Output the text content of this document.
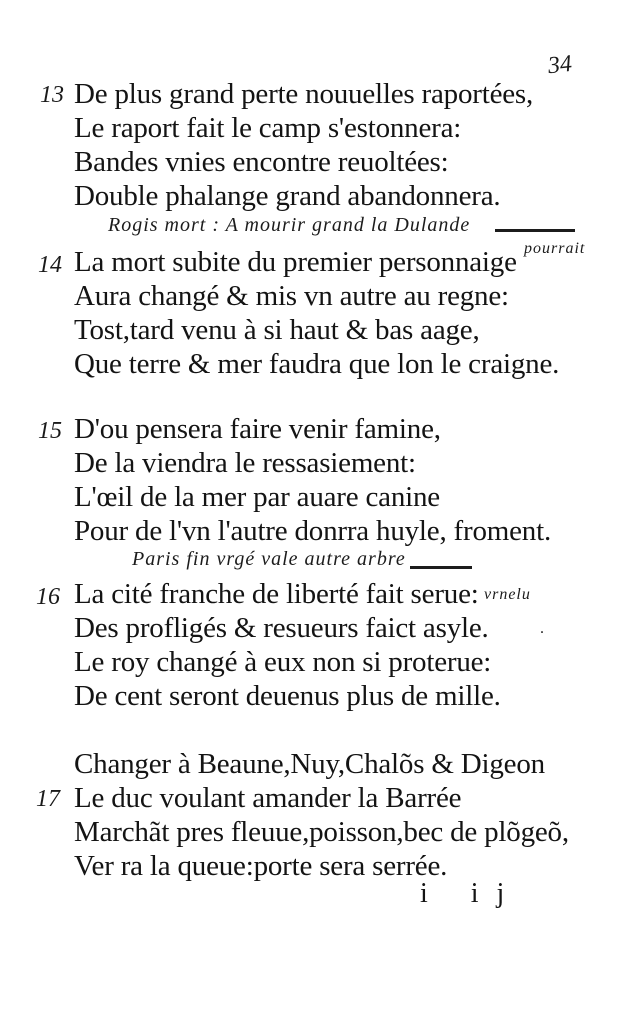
34
13 De plus grand perte nouuelles raportées,
Le raport fait le camp s'estonnera:
Bandes vnies encontre reuoltées:
Double phalange grand abandonnera.
Rogis mort : A mourir grand la Dulande
14 La mort subite du premier personnaige pourrait
Aura changé & mis vn autre au regne:
Tost,tard venu à si haut & bas aage,
Que terre & mer faudra que lon le craigne.
15 D'ou pensera faire venir famine,
De la viendra le ressasiement:
L'œil de la mer par auare canine
Pour de l'vn l'autre donrra huyle, froment.
Paris fin vrgé vale autre arbre
16 La cité franche de liberté fait serue: vrnelu
.
Des profligés & resueurs faict asyle.
Le roy changé à eux non si proterue:
De cent seront deuenus plus de mille.
Changer à Beaune,Nuy,Chalõs & Digeon
17 Le duc voulant amander la Barrée
Marchãt pres fleuue,poisson,bec de plõgeõ,
Ver ra la queue:porte sera serrée.
i ij
